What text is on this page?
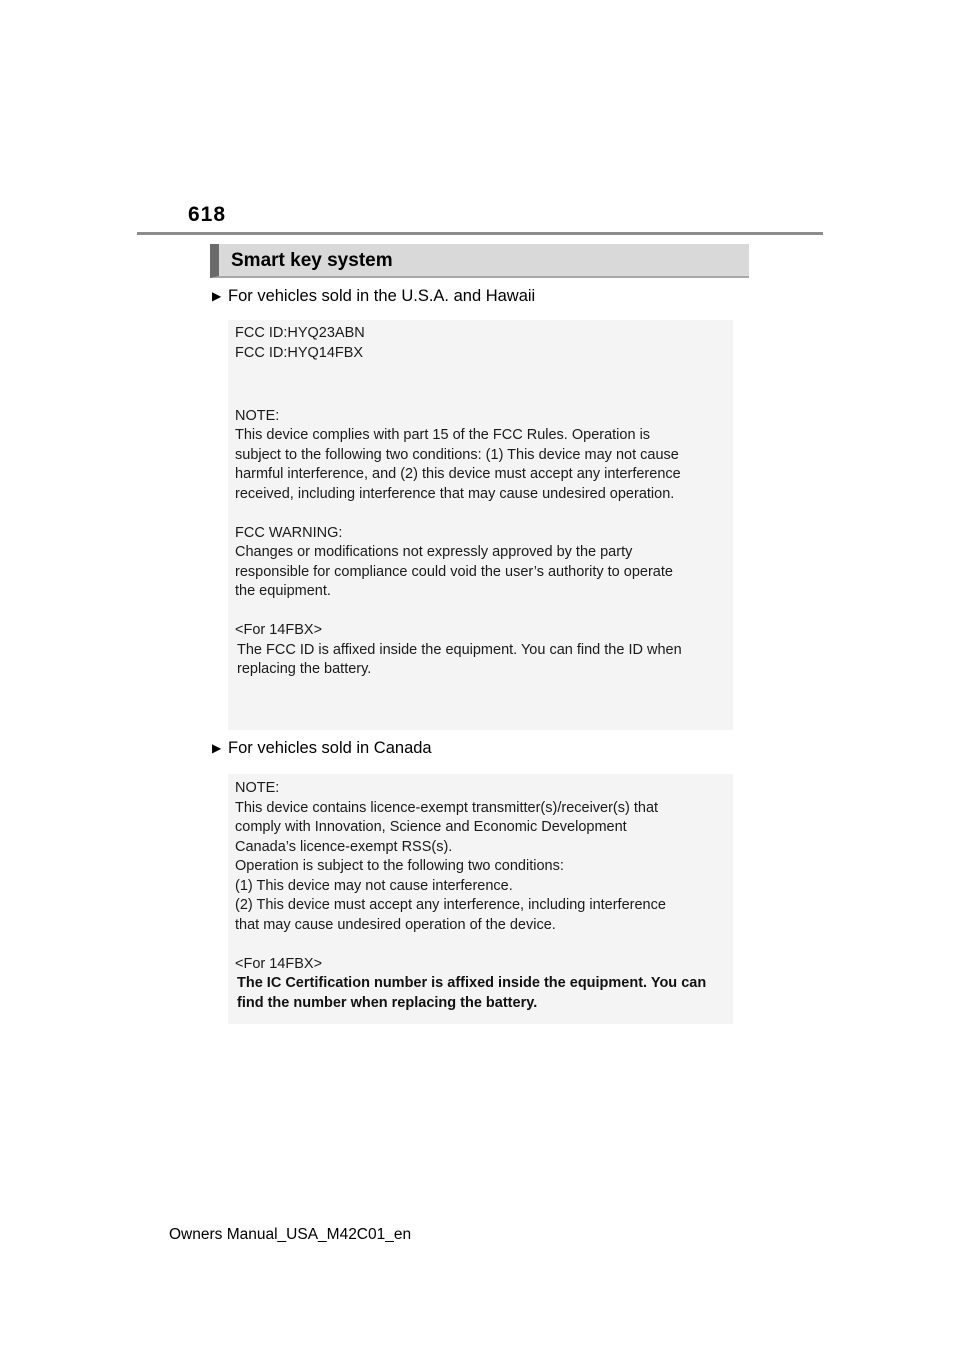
618
Smart key system
▶ For vehicles sold in the U.S.A. and Hawaii

FCC ID:HYQ23ABN

FCC ID:HYQ14FBX

NOTE:

This device complies with part 15 of the FCC Rules. Operation is

subject to the following two conditions: (1) This device may not cause

harmful interference, and (2) this device must accept any interference

received, including interference that may cause undesired operation.

FCC WARNING:

Changes or modifications not expressly approved by the party

responsible for compliance could void the user’s authority to operate

the equipment.

<For 14FBX>

The FCC ID is affixed inside the equipment. You can find the ID when

replacing the battery.

▶ For vehicles sold in Canada

NOTE:

This device contains licence-exempt transmitter(s)/receiver(s) that

comply with Innovation, Science and Economic Development

Canada’s licence-exempt RSS(s).

Operation is subject to the following two conditions:

(1) This device may not cause interference.

(2) This device must accept any interference, including interference

that may cause undesired operation of the device.

<For 14FBX>

The IC Certification number is affixed inside the equipment. You can

find the number when replacing the battery.

Owners Manual_USA_M42C01_en
